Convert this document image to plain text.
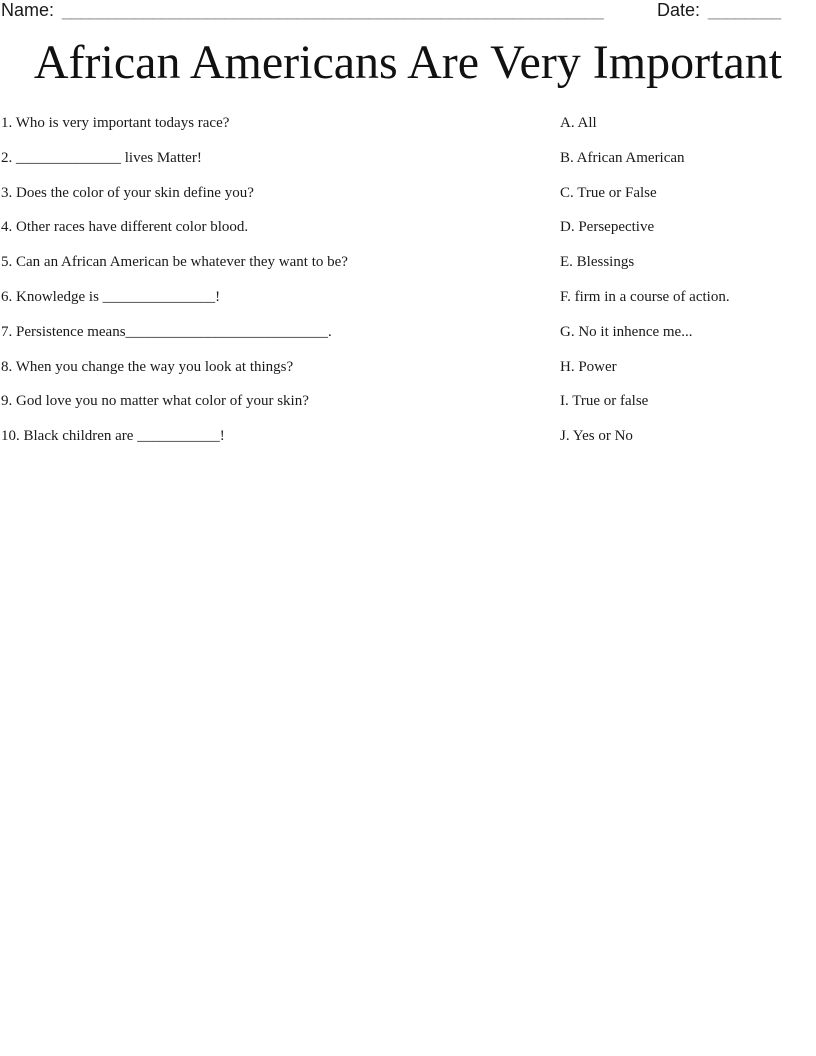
Name: ____________________________________________________________	Date: ________
African Americans Are Very Important
1. Who is very important todays race?
2. ______________ lives Matter!
3. Does the color of your skin define you?
4. Other races have different color blood.
5. Can an African American be whatever they want to be?
6. Knowledge is _______________!
7. Persistence means___________________________.
8. When you change the way you look at things?
9. God love you no matter what color of your skin?
10. Black children are ___________!
A. All
B. African American
C. True or False
D. Persepective
E. Blessings
F. firm in a course of action.
G. No it inhence me...
H. Power
I. True or false
J. Yes or No
